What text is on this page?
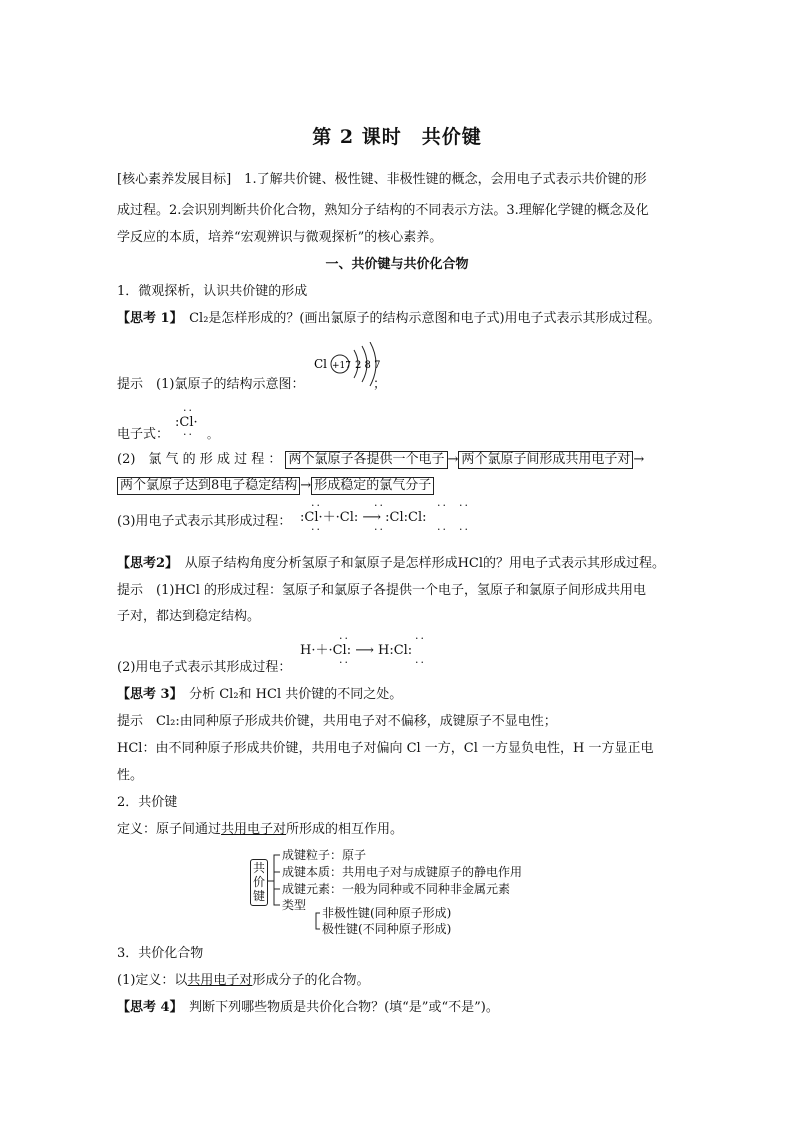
第 2 课时　共价键
[核心素养发展目标]　 1.了解共价键、极性键、非极性键的概念，会用电子式表示共价键的形
成过程。2.会识别判断共价化合物，熟知分子结构的不同表示方法。3.理解化学键的概念及化
学反应的本质，培养“宏观辨识与微观探析”的核心素养。
一、共价键与共价化合物
1．微观探析，认识共价键的形成
【思考 1】　 Cl₂是怎样形成的？(画出氯原子的结构示意图和电子式)用电子式表示其形成过程。
Cl +17 2 8 7
提示　 (1)氯原子的结构示意图：	；
电子式：
··
:Cl·
··　。
(2)　氯 气 的 形 成 过 程 ： 两个氯原子各提供一个电子 → 两个氯原子间形成共用电子对 →
两个氯原子达到8电子稳定结构 → 形成稳定的氯气分子
(3)用电子式表示其形成过程：
··　　　　··　　　　··  ··
:Cl·＋·Cl: ⟶ :Cl:Cl:
··　　　　··　　　　··  ··
【思考2】　 从原子结构角度分析氢原子和氯原子是怎样形成HCl的？用电子式表示其形成过程。
提示　 (1)HCl 的形成过程：氢原子和氯原子各提供一个电子，氢原子和氯原子间形成共用电
子对，都达到稳定结构。
(2)用电子式表示其形成过程：
　　　··　　　　　··
H·＋·Cl: ⟶ H:Cl:
　　　··　　　　　··
【思考 3】　 分析 Cl₂和 HCl 共价键的不同之处。
提示　 Cl₂:由同种原子形成共价键，共用电子对不偏移，成键原子不显电性；
HCl：由不同种原子形成共价键，共用电子对偏向 Cl 一方，Cl 一方显负电性，H 一方显正电
性。
2．共价键
定义：原子间通过共用电子对所形成的相互作用。
共价键
成键粒子：原子
成键本质：共用电子对与成键原子的静电作用
成键元素：一般为同种或不同种非金属元素
类型
非极性键(同种原子形成)
极性键(不同种原子形成)
3．共价化合物
(1)定义：以共用电子对形成分子的化合物。
【思考 4】　 判断下列哪些物质是共价化合物？(填“是”或“不是”)。
